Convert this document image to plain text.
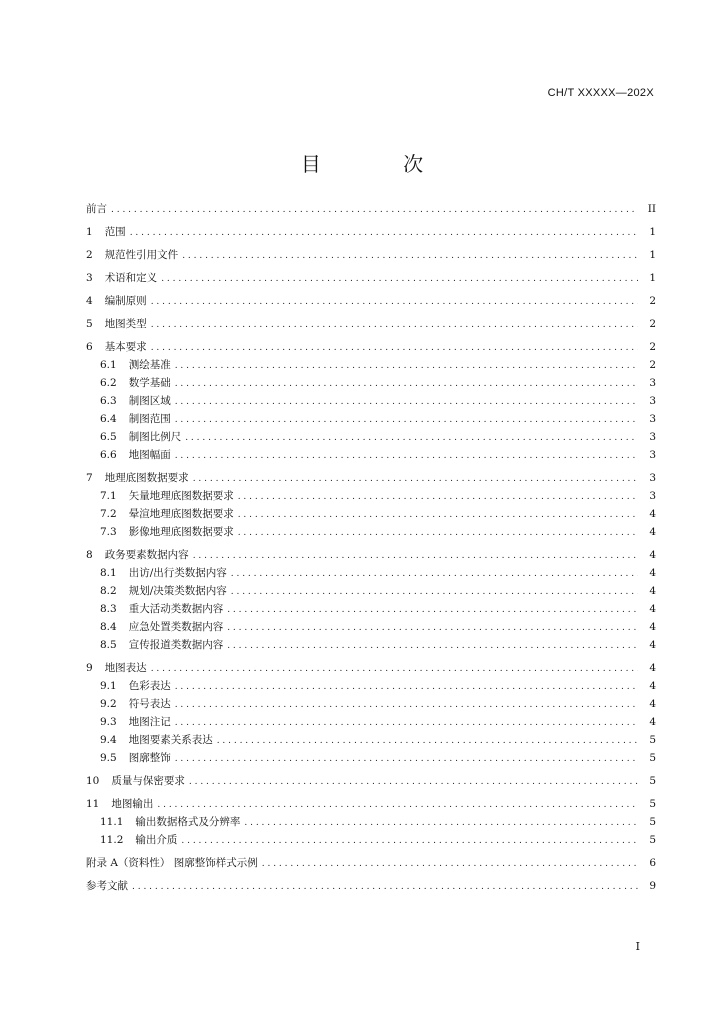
CH/T XXXXX—202X
目 次
前言 . . .	II
1 范围 . . .	1
2 规范性引用文件 . . .	1
3 术语和定义 . . .	1
4 编制原则 . . .	2
5 地图类型 . . .	2
6 基本要求 . . .	2
6.1 测绘基准 . . .	2
6.2 数学基础 . . .	3
6.3 制图区域 . . .	3
6.4 制图范围 . . .	3
6.5 制图比例尺 . . .	3
6.6 地图幅面 . . .	3
7 地理底图数据要求 . . .	3
7.1 矢量地理底图数据要求 . . .	3
7.2 晕渲地理底图数据要求 . . .	4
7.3 影像地理底图数据要求 . . .	4
8 政务要素数据内容 . . .	4
8.1 出访/出行类数据内容 . . .	4
8.2 规划/决策类数据内容 . . .	4
8.3 重大活动类数据内容 . . .	4
8.4 应急处置类数据内容 . . .	4
8.5 宣传报道类数据内容 . . .	4
9 地图表达 . . .	4
9.1 色彩表达 . . .	4
9.2 符号表达 . . .	4
9.3 地图注记 . . .	4
9.4 地图要素关系表达 . . .	5
9.5 图廓整饰 . . .	5
10 质量与保密要求 . . .	5
11 地图输出 . . .	5
11.1 输出数据格式及分辨率 . . .	5
11.2 输出介质 . . .	5
附录 A（资料性） 图廓整饰样式示例 . . .	6
参考文献 . . .	9
I
